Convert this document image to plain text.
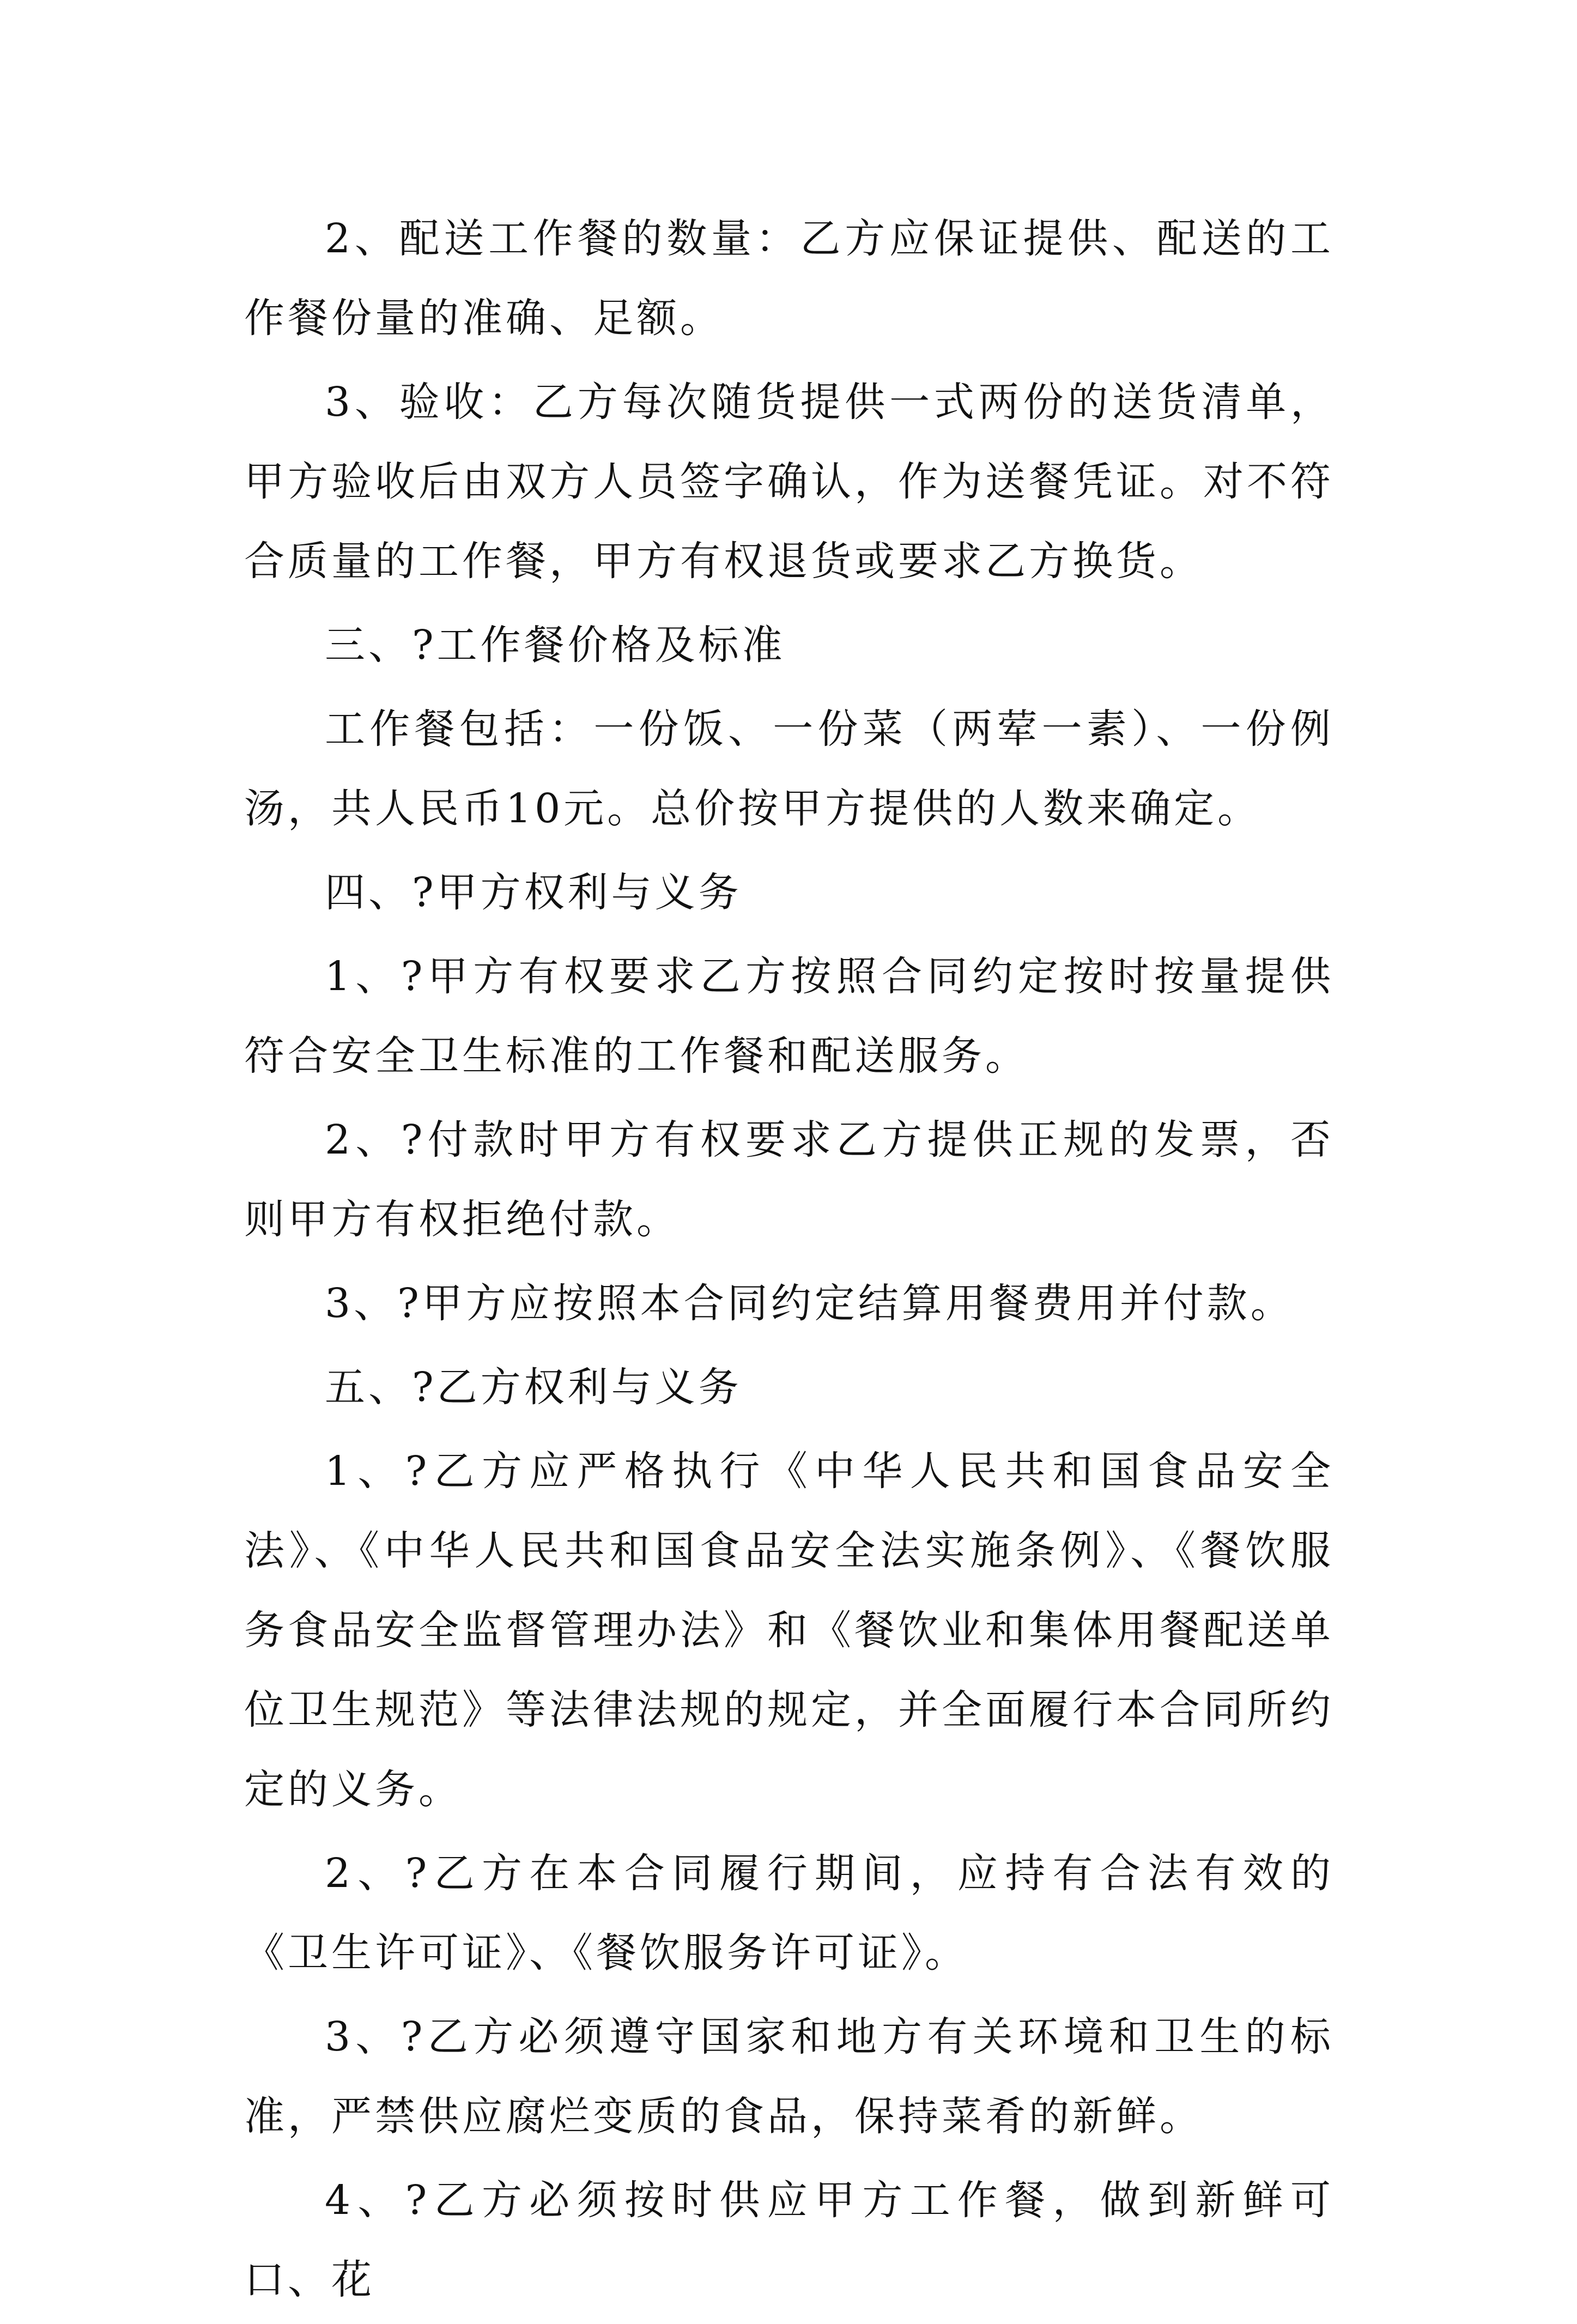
2、配送工作餐的数量：乙方应保证提供、配送的工作餐份量的准确、足额。

3、验收：乙方每次随货提供一式两份的送货清单，甲方验收后由双方人员签字确认，作为送餐凭证。对不符合质量的工作餐，甲方有权退货或要求乙方换货。

三、?工作餐价格及标准

工作餐包括：一份饭、一份菜（两荤一素）、一份例汤，共人民币10元。总价按甲方提供的人数来确定。

四、?甲方权利与义务

1、?甲方有权要求乙方按照合同约定按时按量提供符合安全卫生标准的工作餐和配送服务。

2、?付款时甲方有权要求乙方提供正规的发票，否则甲方有权拒绝付款。

3、?甲方应按照本合同约定结算用餐费用并付款。

五、?乙方权利与义务

1、?乙方应严格执行《中华人民共和国食品安全法》、《中华人民共和国食品安全法实施条例》、《餐饮服务食品安全监督管理办法》和《餐饮业和集体用餐配送单位卫生规范》等法律法规的规定，并全面履行本合同所约定的义务。

2、?乙方在本合同履行期间，应持有合法有效的《卫生许可证》、《餐饮服务许可证》。

3、?乙方必须遵守国家和地方有关环境和卫生的标准，严禁供应腐烂变质的食品，保持菜肴的新鲜。

4、?乙方必须按时供应甲方工作餐，做到新鲜可口、花
